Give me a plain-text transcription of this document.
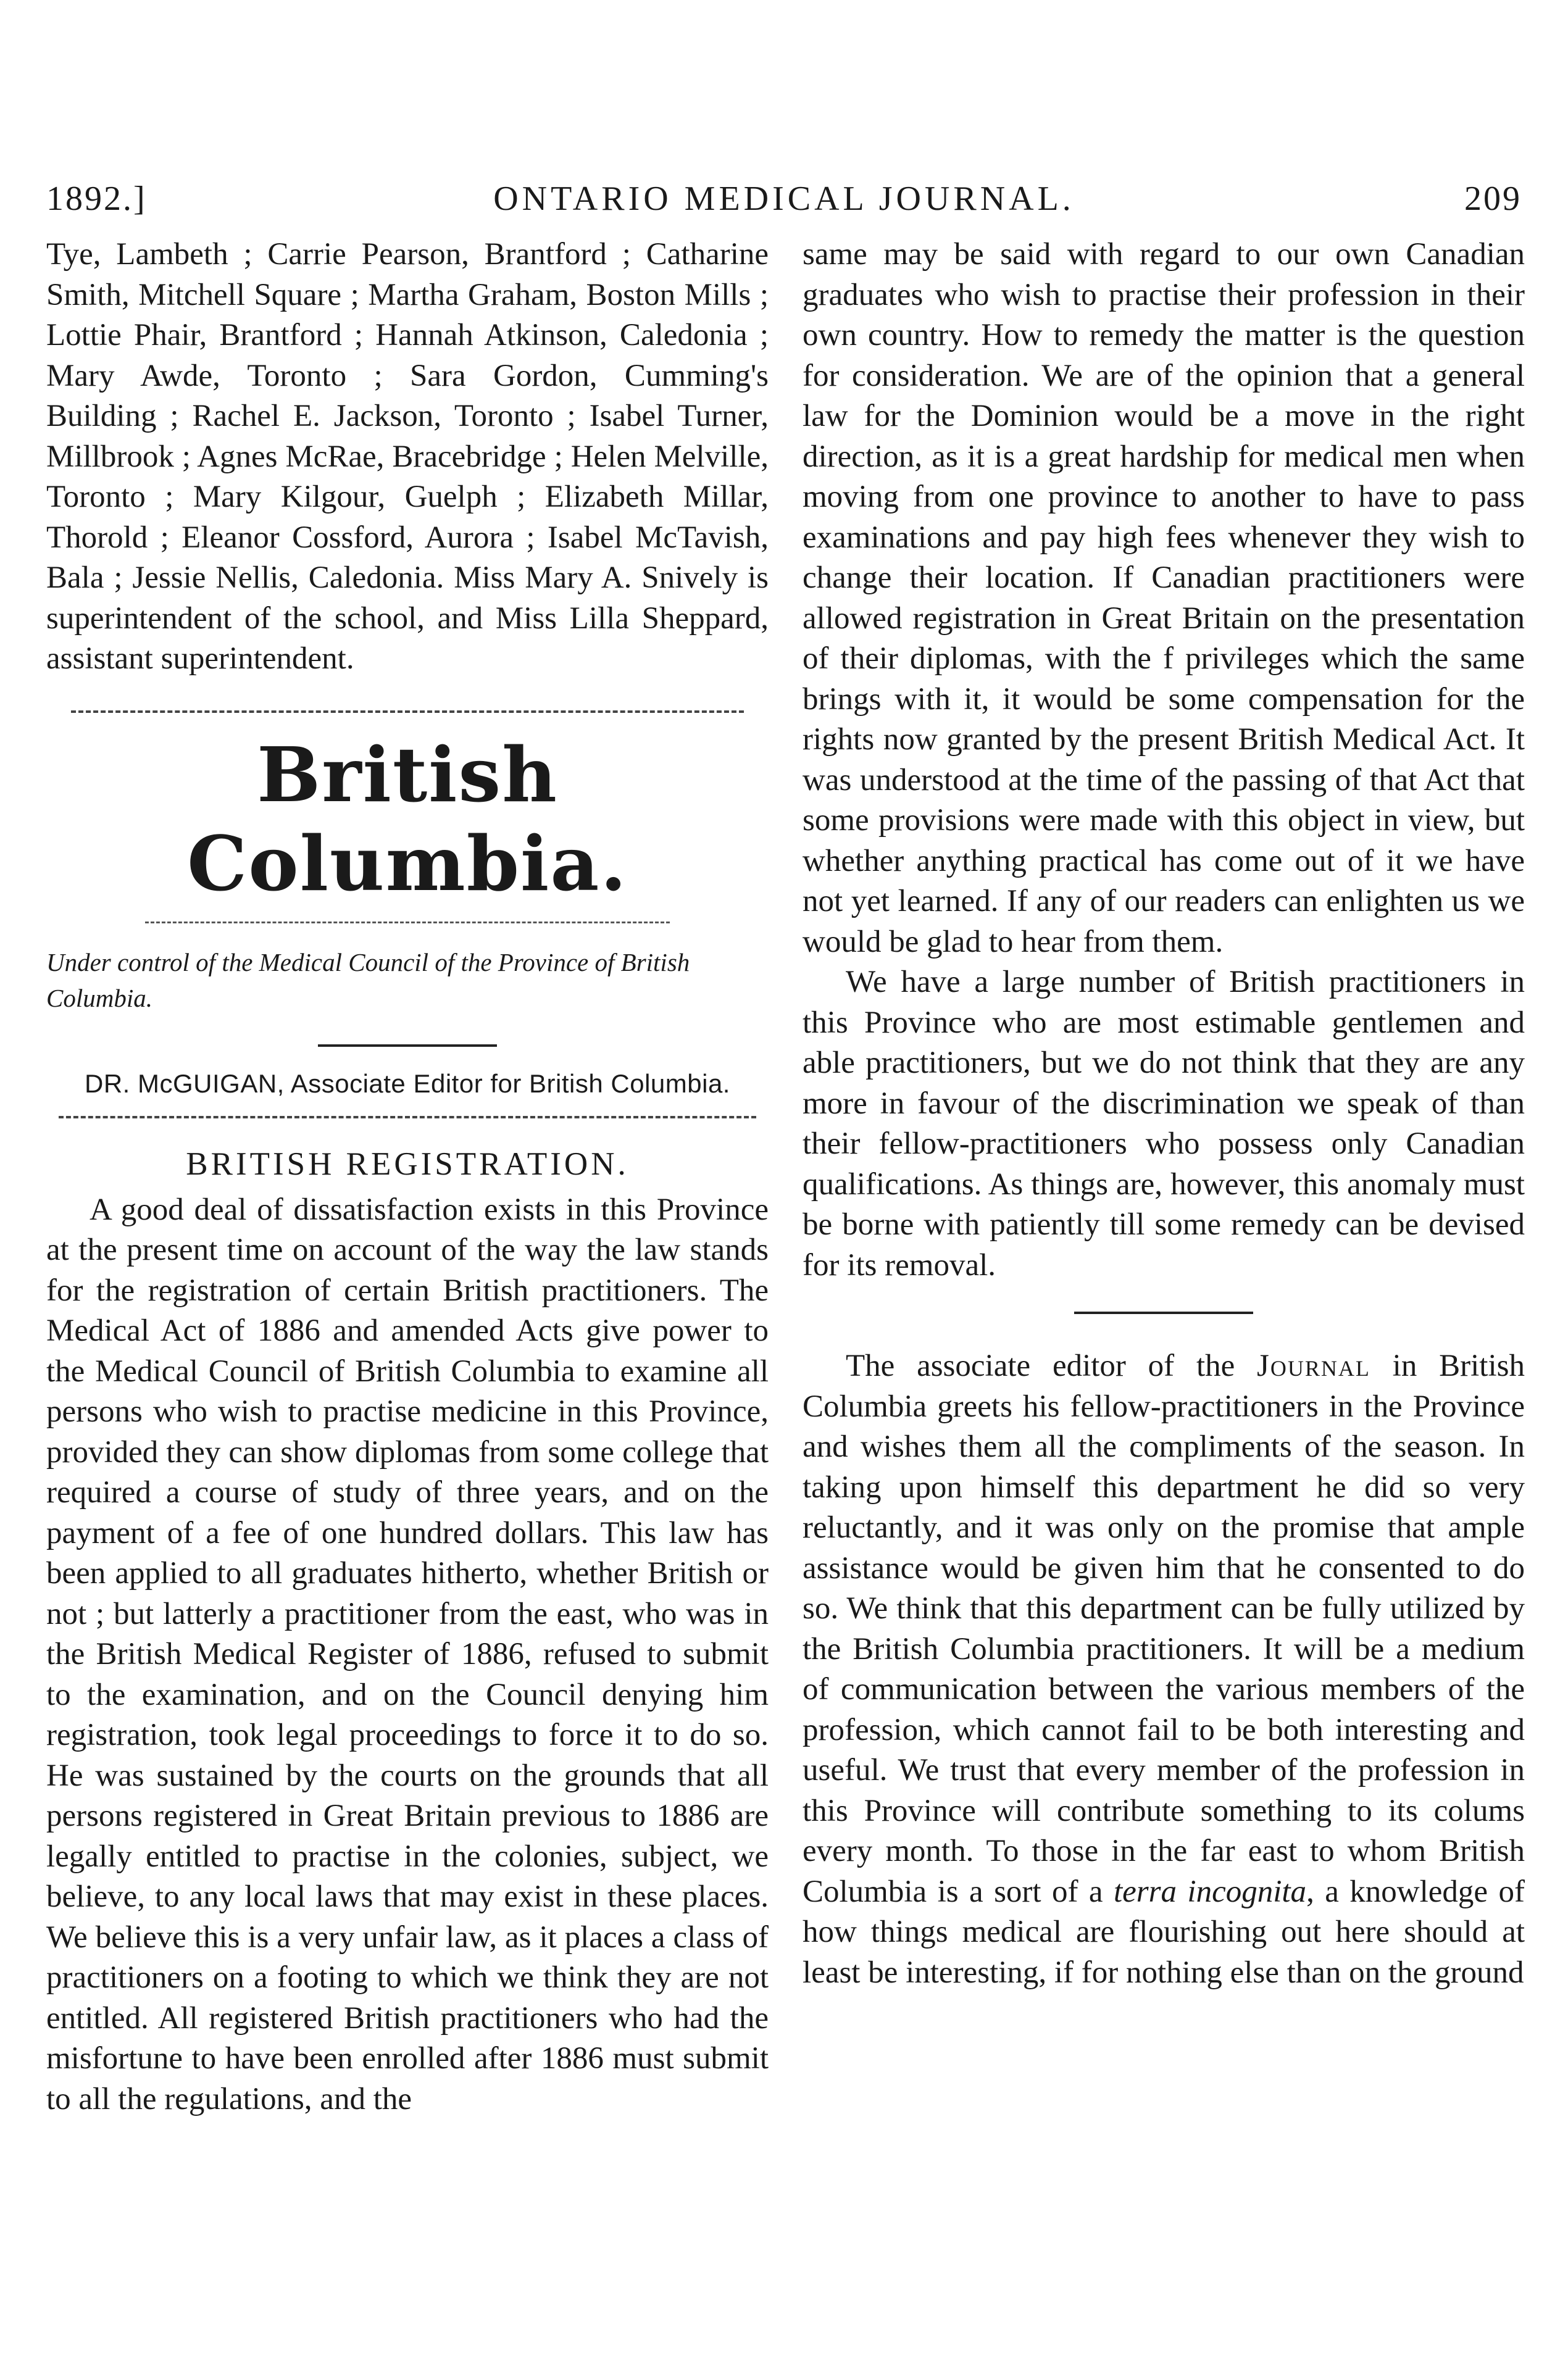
1892.]	ONTARIO MEDICAL JOURNAL.	209

Tye, Lambeth ; Carrie Pearson, Brantford ; Catharine Smith, Mitchell Square ; Martha Graham, Boston Mills ; Lottie Phair, Brantford ; Hannah Atkinson, Caledonia ; Mary Awde, Toronto ; Sara Gordon, Cumming's Building ; Rachel E. Jackson, Toronto ; Isabel Turner, Millbrook ; Agnes McRae, Bracebridge ; Helen Melville, Toronto ; Mary Kilgour, Guelph ; Elizabeth Millar, Thorold ; Eleanor Cossford, Aurora ; Isabel McTavish, Bala ; Jessie Nellis, Caledonia. Miss Mary A. Snively is superintendent of the school, and Miss Lilla Sheppard, assistant superintendent.

British Columbia.

Under control of the Medical Council of the Province of British Columbia.

DR. McGUIGAN, Associate Editor for British Columbia.

BRITISH REGISTRATION.

A good deal of dissatisfaction exists in this Province at the present time on account of the way the law stands for the registration of certain British practitioners. The Medical Act of 1886 and amended Acts give power to the Medical Council of British Columbia to examine all persons who wish to practise medicine in this Province, provided they can show diplomas from some college that required a course of study of three years, and on the payment of a fee of one hundred dollars. This law has been applied to all graduates hitherto, whether British or not ; but latterly a practitioner from the east, who was in the British Medical Register of 1886, refused to submit to the examination, and on the Council denying him registration, took legal proceedings to force it to do so. He was sustained by the courts on the grounds that all persons registered in Great Britain previous to 1886 are legally entitled to practise in the colonies, subject, we believe, to any local laws that may exist in these places. We believe this is a very unfair law, as it places a class of practitioners on a footing to which we think they are not entitled. All registered British practitioners who had the misfortune to have been enrolled after 1886 must submit to all the regulations, and the

same may be said with regard to our own Canadian graduates who wish to practise their profession in their own country. How to remedy the matter is the question for consideration. We are of the opinion that a general law for the Dominion would be a move in the right direction, as it is a great hardship for medical men when moving from one province to another to have to pass examinations and pay high fees whenever they wish to change their location. If Canadian practitioners were allowed registration in Great Britain on the presentation of their diplomas, with the f privileges which the same brings with it, it would be some compensation for the rights now granted by the present British Medical Act. It was understood at the time of the passing of that Act that some provisions were made with this object in view, but whether anything practical has come out of it we have not yet learned. If any of our readers can enlighten us we would be glad to hear from them.

We have a large number of British practitioners in this Province who are most estimable gentlemen and able practitioners, but we do not think that they are any more in favour of the discrimination we speak of than their fellow-practitioners who possess only Canadian qualifications. As things are, however, this anomaly must be borne with patiently till some remedy can be devised for its removal.

The associate editor of the Journal in British Columbia greets his fellow-practitioners in the Province and wishes them all the compliments of the season. In taking upon himself this department he did so very reluctantly, and it was only on the promise that ample assistance would be given him that he consented to do so. We think that this department can be fully utilized by the British Columbia practitioners. It will be a medium of communication between the various members of the profession, which cannot fail to be both interesting and useful. We trust that every member of the profession in this Province will contribute something to its colums every month. To those in the far east to whom British Columbia is a sort of a terra incognita, a knowledge of how things medical are flourishing out here should at least be interesting, if for nothing else than on the ground
